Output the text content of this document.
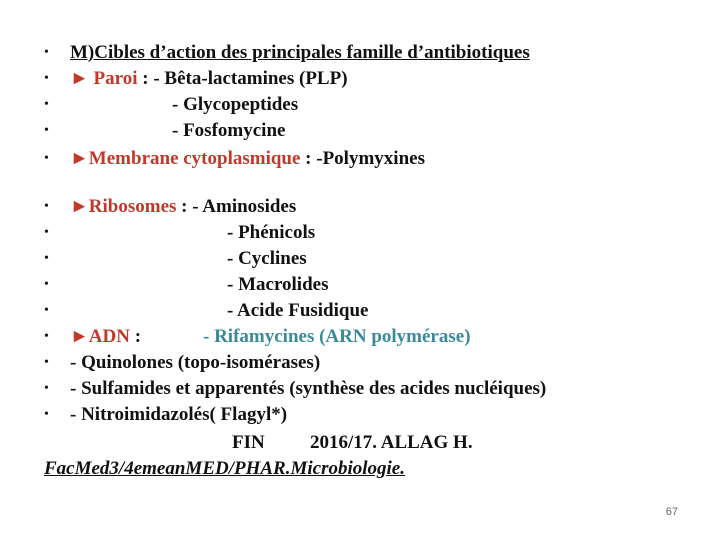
• M)Cibles d’action des principales famille d’antibiotiques
• ► Paroi : - Bêta-lactamines (PLP)
•	- Glycopeptides
•	- Fosfomycine
• ►Membrane cytoplasmique : -Polymyxines
• ►Ribosomes : - Aminosides
•	- Phénicols
•	- Cyclines
•	- Macrolides
•	- Acide Fusidique
• ►ADN :	- Rifamycines (ARN polymérase)
• - Quinolones (topo-isomérases)
• - Sulfamides et apparentés (synthèse des acides nucléiques)
• - Nitroimidazolés( Flagyl*)
FIN 2016/17. ALLAG H.
FacMed3/4emeanMED/PHAR.Microbiologie.
67
